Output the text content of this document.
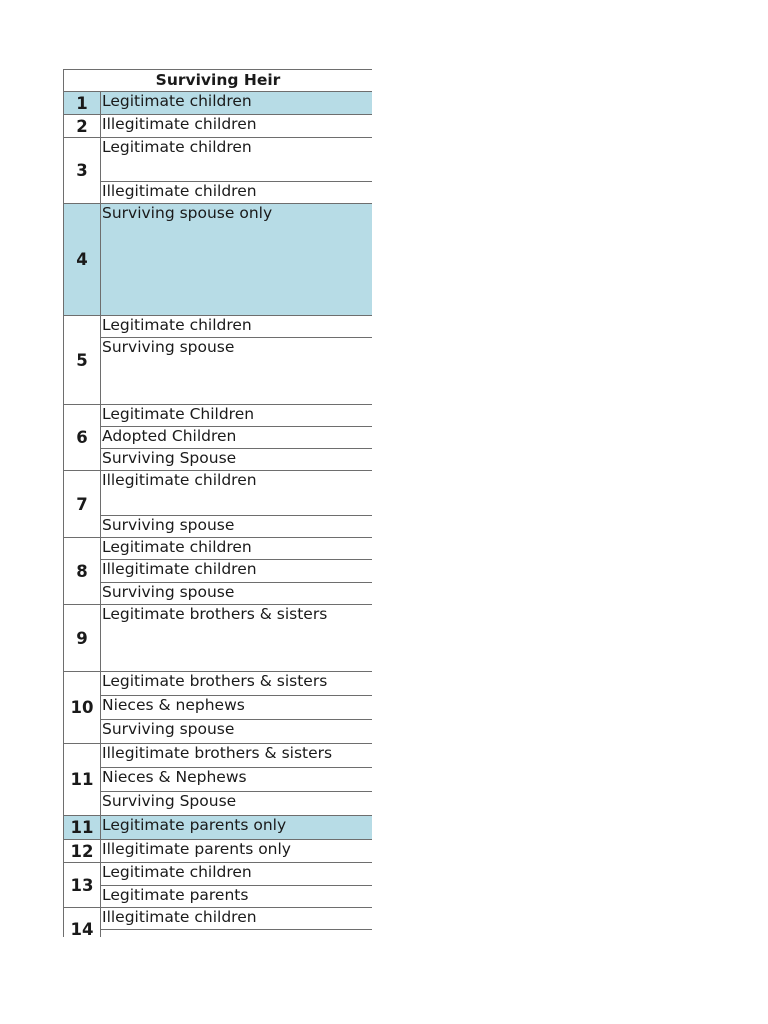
Surviving Heir	
1	Legitimate children
2	Illegitimate children
3	Legitimate children
	Illegitimate children
4	Surviving spouse only
5	Legitimate children
	Surviving spouse
6	Legitimate Children
	Adopted Children
	Surviving Spouse
7	Illegitimate children
	Surviving spouse
8	Legitimate children
	Illegitimate children
	Surviving spouse
9	Legitimate brothers & sisters
10	Legitimate brothers & sisters
	Nieces & nephews
	Surviving spouse
11	Illegitimate brothers & sisters
	Nieces & Nephews
	Surviving Spouse
11	Legitimate parents only
12	Illegitimate parents only
13	Legitimate children
	Legitimate parents
14	Illegitimate children
